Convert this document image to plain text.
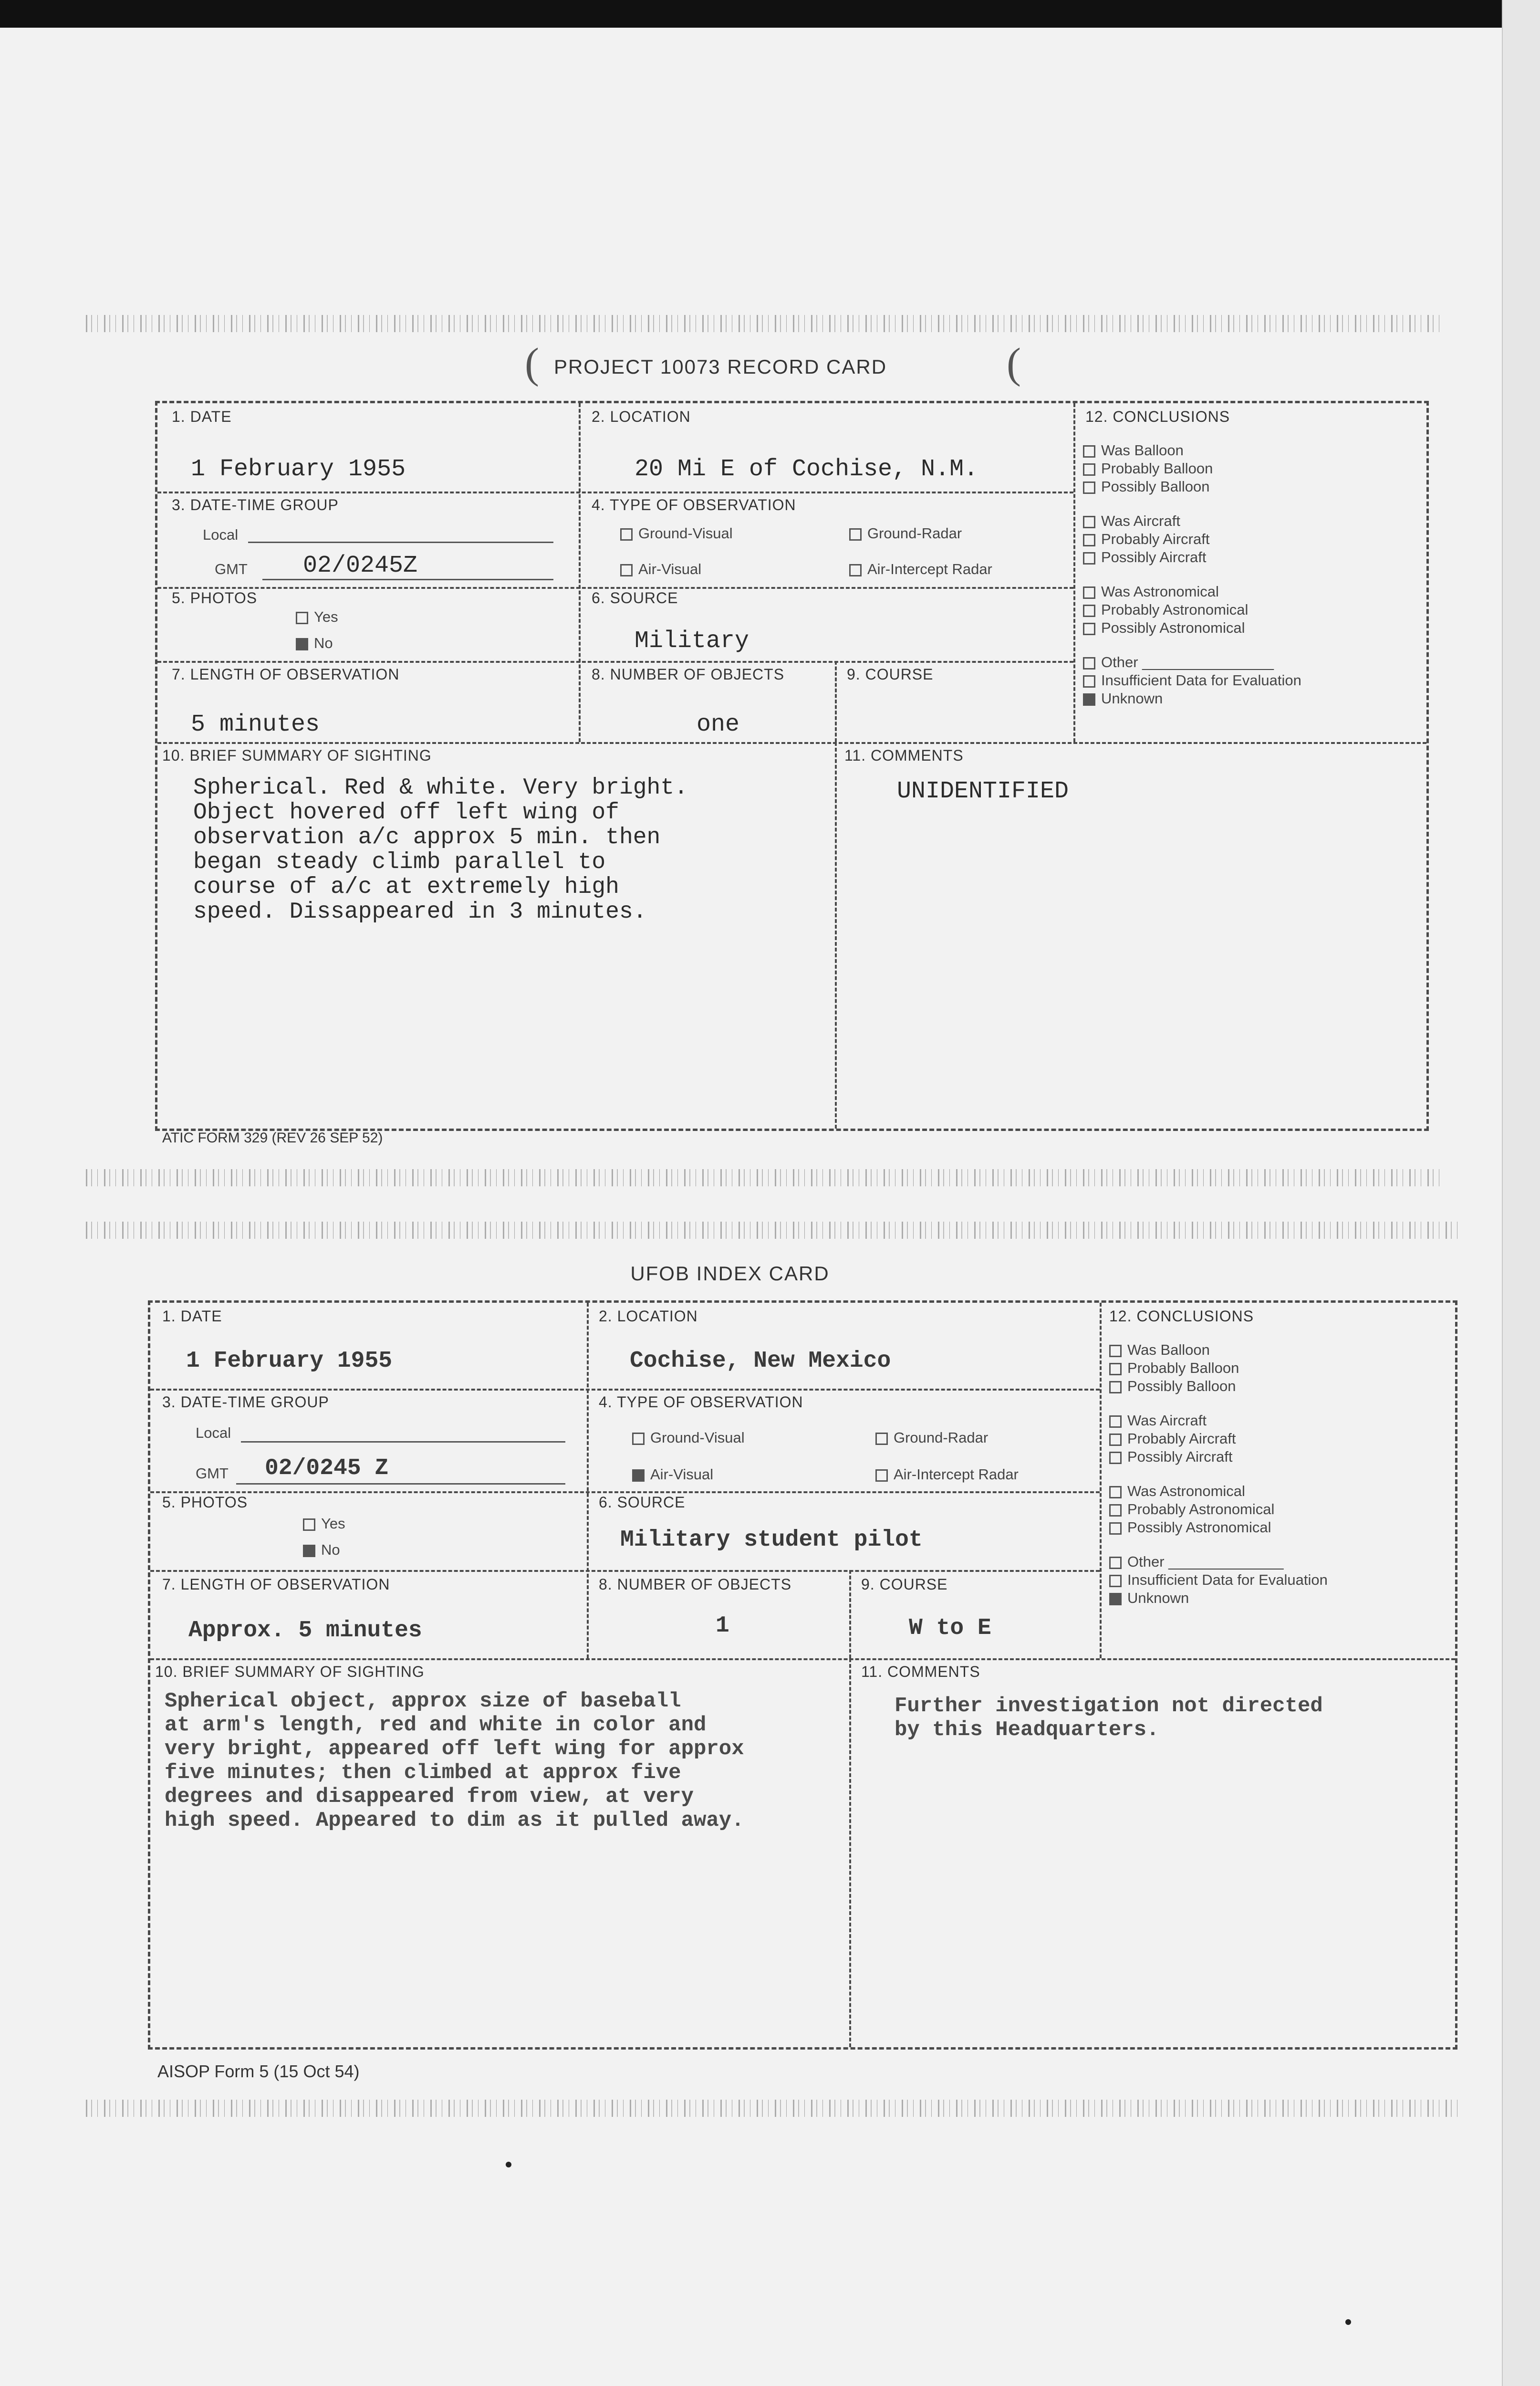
(	(
PROJECT 10073 RECORD CARD
1. DATE
1 February 1955
2. LOCATION
20 Mi E of Cochise, N.M.
3. DATE-TIME GROUP
Local
GMT 02/0245Z
4. TYPE OF OBSERVATION
Ground-Visual	Ground-Radar
Air-Visual	Air-Intercept Radar
5. PHOTOS
Yes
No
6. SOURCE
Military
7. LENGTH OF OBSERVATION
5 minutes
8. NUMBER OF OBJECTS
one
9. COURSE
10. BRIEF SUMMARY OF SIGHTING
Spherical. Red & white. Very bright.
Object hovered off left wing of
observation a/c approx 5 min. then
began steady climb parallel to
course of a/c at extremely high
speed. Dissappeared in 3 minutes.
11. COMMENTS
UNIDENTIFIED
12. CONCLUSIONS
Was Balloon
Probably Balloon
Possibly Balloon
Was Aircraft
Probably Aircraft
Possibly Aircraft
Was Astronomical
Probably Astronomical
Possibly Astronomical
Other ________________
Insufficient Data for Evaluation
Unknown
ATIC FORM 329 (REV 26 SEP 52)
UFOB INDEX CARD
1. DATE
1 February 1955
2. LOCATION
Cochise, New Mexico
3. DATE-TIME GROUP
Local
GMT 02/0245 Z
4. TYPE OF OBSERVATION
Ground-Visual	Ground-Radar
Air-Visual	Air-Intercept Radar
5. PHOTOS
Yes
No
6. SOURCE
Military student pilot
7. LENGTH OF OBSERVATION
Approx. 5 minutes
8. NUMBER OF OBJECTS
1
9. COURSE
W to E
10. BRIEF SUMMARY OF SIGHTING
Spherical object, approx size of baseball
at arm's length, red and white in color and
very bright, appeared off left wing for approx
five minutes; then climbed at approx five
degrees and disappeared from view, at very
high speed. Appeared to dim as it pulled away.
11. COMMENTS
Further investigation not directed
by this Headquarters.
12. CONCLUSIONS
Was Balloon
Probably Balloon
Possibly Balloon
Was Aircraft
Probably Aircraft
Possibly Aircraft
Was Astronomical
Probably Astronomical
Possibly Astronomical
Other ______________
Insufficient Data for Evaluation
Unknown
AISOP Form 5 (15 Oct 54)
